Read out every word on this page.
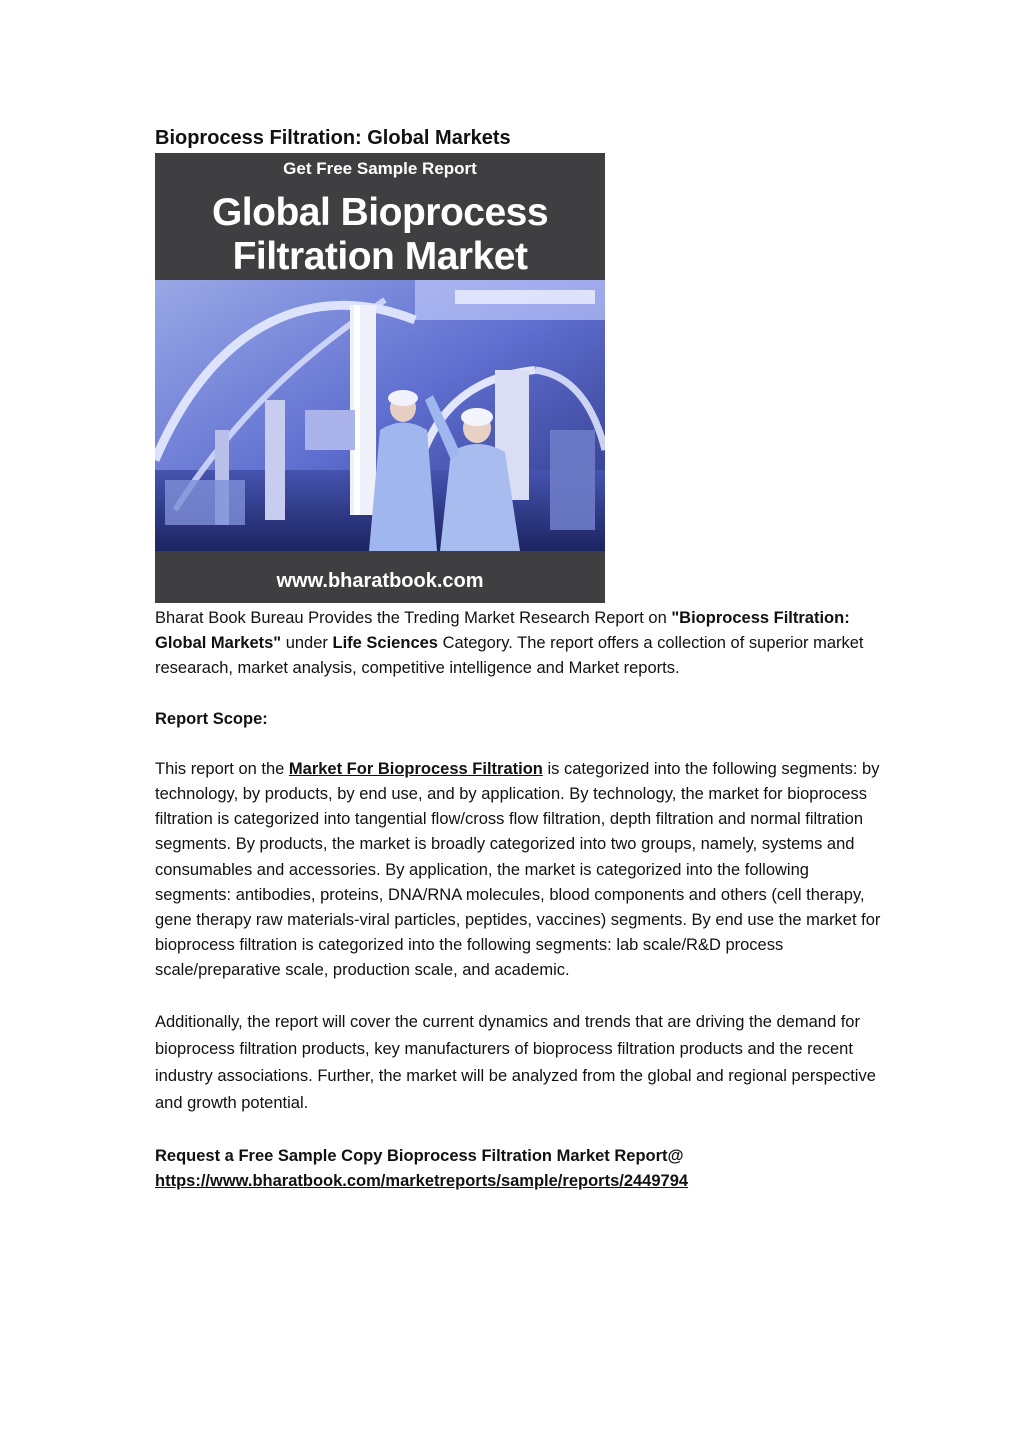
Bioprocess Filtration: Global Markets
Get Free Sample Report
Global Bioprocess
Filtration Market
www.bharatbook.com

Bharat Book Bureau Provides the Treding Market Research Report on "Bioprocess Filtration: Global Markets" under Life Sciences Category. The report offers a collection of superior market researach, market analysis, competitive intelligence and Market reports.

Report Scope:

This report on the Market For Bioprocess Filtration is categorized into the following segments: by technology, by products, by end use, and by application. By technology, the market for bioprocess filtration is categorized into tangential flow/cross flow filtration, depth filtration and normal filtration segments. By products, the market is broadly categorized into two groups, namely, systems and consumables and accessories. By application, the market is categorized into the following segments: antibodies, proteins, DNA/RNA molecules, blood components and others (cell therapy, gene therapy raw materials-viral particles, peptides, vaccines) segments. By end use the market for bioprocess filtration is categorized into the following segments: lab scale/R&D process scale/preparative scale, production scale, and academic.

Additionally, the report will cover the current dynamics and trends that are driving the demand for bioprocess filtration products, key manufacturers of bioprocess filtration products and the recent industry associations. Further, the market will be analyzed from the global and regional perspective and growth potential.

Request a Free Sample Copy Bioprocess Filtration Market Report@
https://www.bharatbook.com/marketreports/sample/reports/2449794
